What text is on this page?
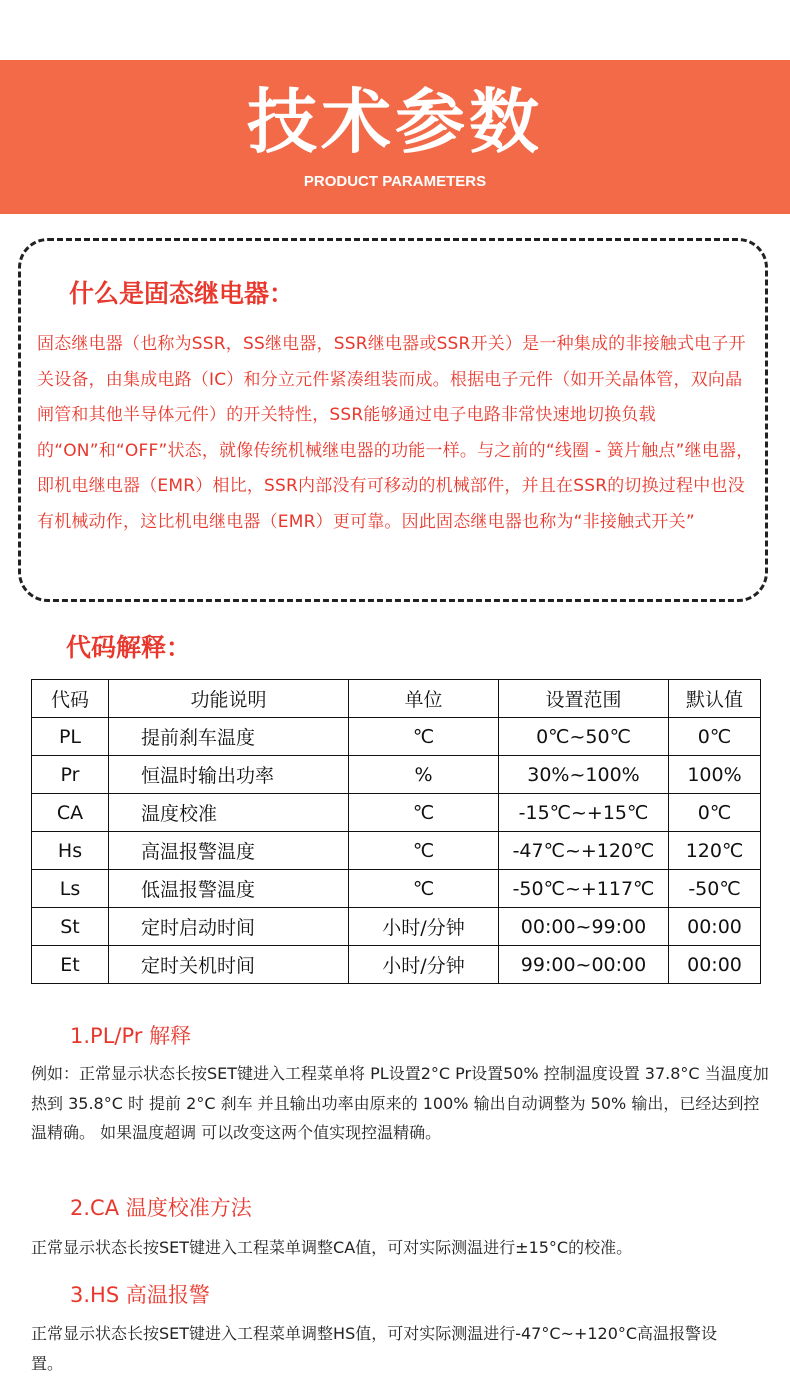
技术参数
PRODUCT PARAMETERS
什么是固态继电器：
固态继电器（也称为SSR，SS继电器，SSR继电器或SSR开关）是一种集成的非接触式电子开关设备，由集成电路（IC）和分立元件紧凑组装而成。根据电子元件（如开关晶体管，双向晶闸管和其他半导体元件）的开关特性，SSR能够通过电子电路非常快速地切换负载的“ON”和“OFF”状态，就像传统机械继电器的功能一样。与之前的“线圈 - 簧片触点”继电器，即机电继电器（EMR）相比，SSR内部没有可移动的机械部件，并且在SSR的切换过程中也没有机械动作，这比机电继电器（EMR）更可靠。因此固态继电器也称为“非接触式开关”
代码解释：
代码	功能说明	单位	设置范围	默认值
PL	提前刹车温度	℃	0℃~50℃	0℃
Pr	恒温时输出功率	%	30%~100%	100%
CA	温度校准	℃	-15℃~+15℃	0℃
Hs	高温报警温度	℃	-47℃~+120℃	120℃
Ls	低温报警温度	℃	-50℃~+117℃	-50℃
St	定时启动时间	小时/分钟	00:00~99:00	00:00
Et	定时关机时间	小时/分钟	99:00~00:00	00:00
1.PL/Pr 解释
例如：正常显示状态长按SET键进入工程菜单将 PL设置2°C Pr设置50% 控制温度设置 37.8°C 当温度加热到 35.8°C 时 提前 2°C 刹车 并且输出功率由原来的 100% 输出自动调整为 50% 输出，已经达到控温精确。 如果温度超调 可以改变这两个值实现控温精确。
2.CA 温度校准方法
正常显示状态长按SET键进入工程菜单调整CA值，可对实际测温进行±15°C的校准。
3.HS 高温报警
正常显示状态长按SET键进入工程菜单调整HS值，可对实际测温进行-47°C~+120°C高温报警设置。
